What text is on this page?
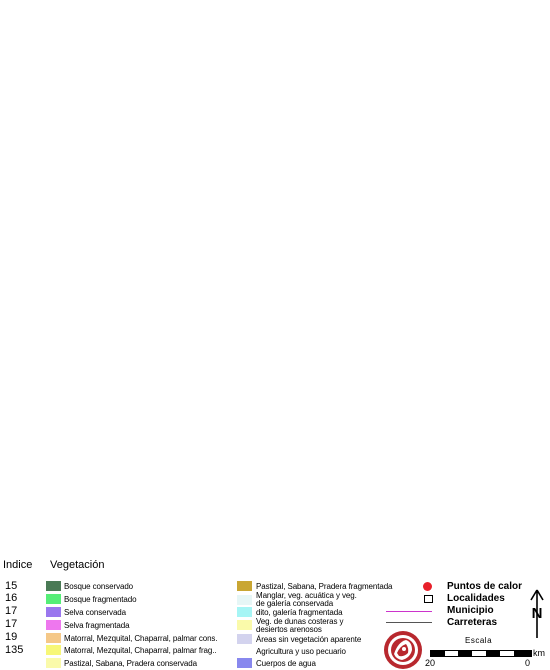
Indice Vegetación
15
16
17
17
19
135
Bosque conservado
Bosque fragmentado
Selva conservada
Selva fragmentada
Matorral, Mezquital, Chaparral, palmar cons.
Matorral, Mezquital, Chaparral, palmar frag..
Pastizal, Sabana, Pradera conservada
Pastizal, Sabana, Pradera fragmentada
Manglar, veg. acuática y veg.
de galería conservada
dito, galería fragmentada
Veg. de dunas costeras y
desiertos arenosos
Áreas sin vegetación aparente
Agricultura y uso pecuario
Cuerpos de agua
Puntos de calor
Localidades
Municipio
Carreteras
N
Escala
20	0
km
